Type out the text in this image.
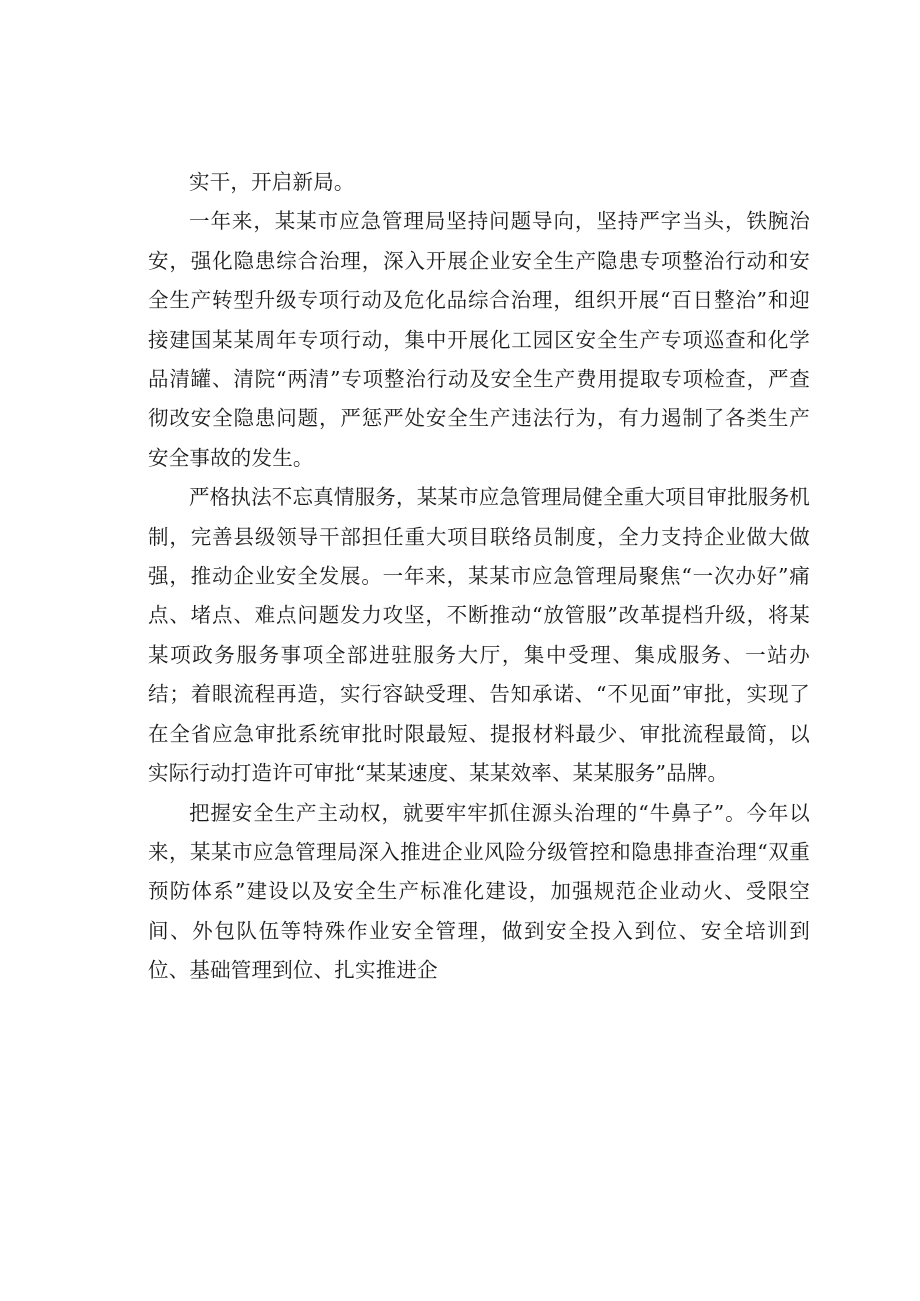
实干，开启新局。

一年来，某某市应急管理局坚持问题导向，坚持严字当头，铁腕治安，强化隐患综合治理，深入开展企业安全生产隐患专项整治行动和安全生产转型升级专项行动及危化品综合治理，组织开展“百日整治”和迎接建国某某周年专项行动，集中开展化工园区安全生产专项巡查和化学品清罐、清院“两清”专项整治行动及安全生产费用提取专项检查，严查彻改安全隐患问题，严惩严处安全生产违法行为，有力遏制了各类生产安全事故的发生。

严格执法不忘真情服务，某某市应急管理局健全重大项目审批服务机制，完善县级领导干部担任重大项目联络员制度，全力支持企业做大做强，推动企业安全发展。一年来，某某市应急管理局聚焦“一次办好”痛点、堵点、难点问题发力攻坚，不断推动“放管服”改革提档升级，将某某项政务服务事项全部进驻服务大厅，集中受理、集成服务、一站办结；着眼流程再造，实行容缺受理、告知承诺、“不见面”审批，实现了在全省应急审批系统审批时限最短、提报材料最少、审批流程最简，以实际行动打造许可审批“某某速度、某某效率、某某服务”品牌。

把握安全生产主动权，就要牢牢抓住源头治理的“牛鼻子”。今年以来，某某市应急管理局深入推进企业风险分级管控和隐患排查治理“双重预防体系”建设以及安全生产标准化建设，加强规范企业动火、受限空间、外包队伍等特殊作业安全管理，做到安全投入到位、安全培训到位、基础管理到位、扎实推进企
